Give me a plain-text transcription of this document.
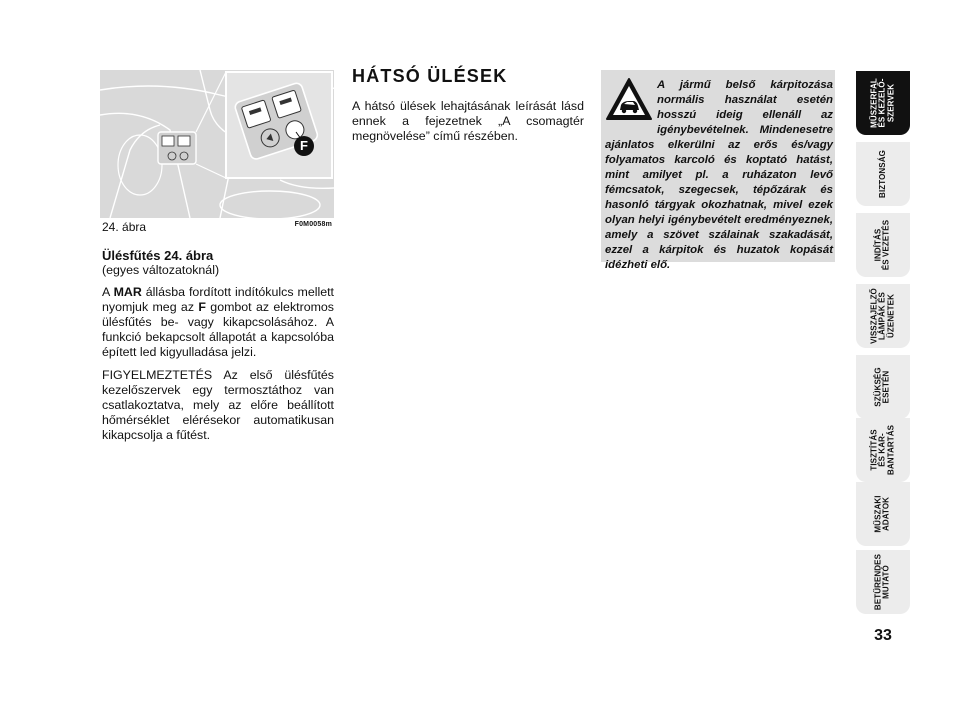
F
24. ábra	F0M0058m

Ülésfűtés 24. ábra

(egyes változatoknál)

A MAR állásba fordított indítókulcs mellett nyomjuk meg az F gombot az elektromos ülésfűtés be- vagy kikapcsolásához. A funkció bekapcsolt állapotát a kapcsolóba épített led kigyulladása jelzi.

FIGYELMEZTETÉS Az első ülésfűtés kezelőszervek egy termosztáthoz van csatlakoztatva, mely az előre beállított hőmérséklet elérésekor automatikusan kikapcsolja a fűtést.

HÁTSÓ ÜLÉSEK

A hátsó ülések lehajtásának leírását lásd ennek a fejezetnek „A csomagtér megnövelése” című részében.

A jármű belső kárpitozása normális használat esetén hosszú ideig ellenáll az igénybevételnek. Mindenesetre ajánlatos elkerülni az erős és/vagy folyamatos karcoló és koptató hatást, mint amilyet pl. a ruházaton levő fémcsatok, szegecsek, tépőzárak és hasonló tárgyak okozhatnak, mivel ezek olyan helyi igénybevételt eredményeznek, amely a szövet szálainak szakadását, ezzel a kárpitok és huzatok kopását idézheti elő.

MŰSZERFAL
ÉS KEZELŐ-
SZERVEK
BIZTONSÁG
INDÍTÁS
ÉS VEZETÉS
VISSZAJELZŐ
LÁMPÁK ÉS
ÜZENETEK
SZÜKSÉG
ESETÉN
TISZTÍTÁS
ÉS KAR-
BANTARTÁS
MŰSZAKI
ADATOK
BETŰRENDES
MUTATÓ
33
